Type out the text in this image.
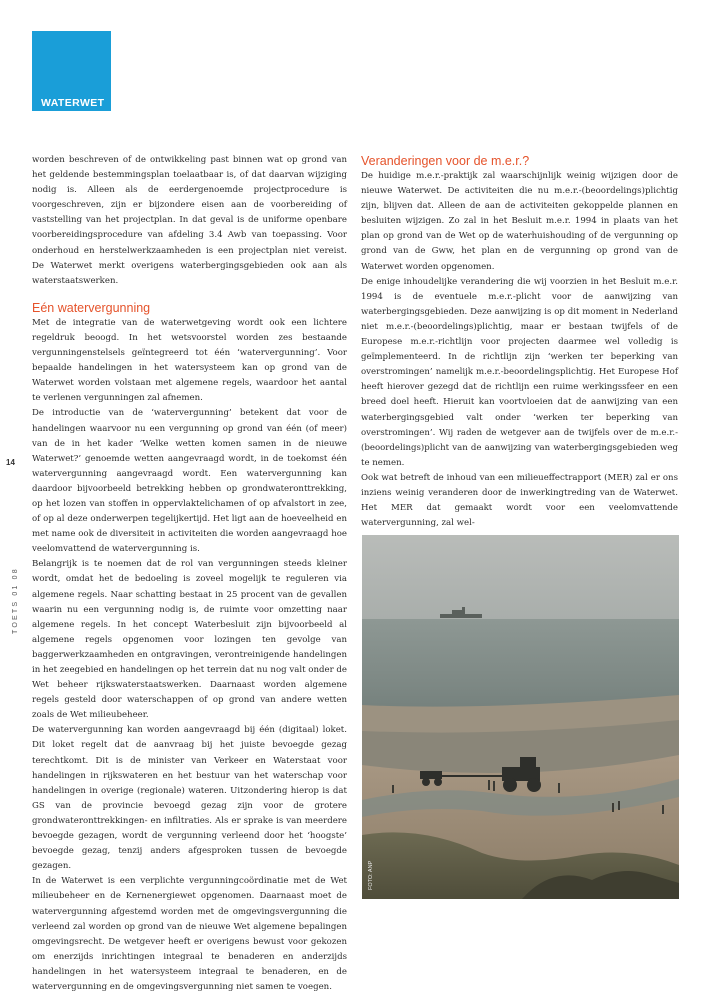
WATERWET
14
TOETS 01 08

worden beschreven of de ontwikkeling past binnen wat op grond van het geldende bestemmingsplan toelaatbaar is, of dat daarvan wijziging nodig is. Alleen als de eerdergenoemde projectprocedure is voorgeschreven, zijn er bijzondere eisen aan de voorbereiding of vaststelling van het projectplan. In dat geval is de uniforme openbare voorbereidingsprocedure van afdeling 3.4 Awb van toepassing. Voor onderhoud en herstelwerkzaamheden is een projectplan niet vereist. De Waterwet merkt overigens waterbergingsgebieden ook aan als waterstaatswerken.

Eén watervergunning

Met de integratie van de waterwetgeving wordt ook een lichtere regeldruk beoogd. In het wetsvoorstel worden zes bestaande vergunningenstelsels geïntegreerd tot één ‘watervergunning’. Voor bepaalde handelingen in het watersysteem kan op grond van de Waterwet worden volstaan met algemene regels, waardoor het aantal te verlenen vergunningen zal afnemen.

De introductie van de ‘watervergunning’ betekent dat voor de handelingen waarvoor nu een vergunning op grond van één (of meer) van de in het kader ‘Welke wetten komen samen in de nieuwe Waterwet?’ genoemde wetten aangevraagd wordt, in de toekomst één watervergunning aangevraagd wordt. Een watervergunning kan daardoor bijvoorbeeld betrekking hebben op grondwateronttrekking, op het lozen van stoffen in oppervlaktelichamen of op afvalstort in zee, of op al deze onderwerpen tegelijkertijd. Het ligt aan de hoeveelheid en met name ook de diversiteit in activiteiten die worden aangevraagd hoe veelomvattend de watervergunning is.

Belangrijk is te noemen dat de rol van vergunningen steeds kleiner wordt, omdat het de bedoeling is zoveel mogelijk te reguleren via algemene regels. Naar schatting bestaat in 25 procent van de gevallen waarin nu een vergunning nodig is, de ruimte voor omzetting naar algemene regels. In het concept Waterbesluit zijn bijvoorbeeld al algemene regels opgenomen voor lozingen ten gevolge van baggerwerkzaamheden en ontgravingen, verontreinigende handelingen in het zeegebied en handelingen op het terrein dat nu nog valt onder de Wet beheer rijkswaterstaatswerken. Daarnaast worden algemene regels gesteld door waterschappen of op grond van andere wetten zoals de Wet milieubeheer.

De watervergunning kan worden aangevraagd bij één (digitaal) loket. Dit loket regelt dat de aanvraag bij het juiste bevoegde gezag terechtkomt. Dit is de minister van Verkeer en Waterstaat voor handelingen in rijkswateren en het bestuur van het waterschap voor handelingen in overige (regionale) wateren. Uitzondering hierop is dat GS van de provincie bevoegd gezag zijn voor de grotere grondwateronttrekkingen- en infiltraties. Als er sprake is van meerdere bevoegde gezagen, wordt de vergunning verleend door het ‘hoogste’ bevoegde gezag, tenzij anders afgesproken tussen de bevoegde gezagen.

In de Waterwet is een verplichte vergunningcoördinatie met de Wet milieubeheer en de Kernenergiewet opgenomen. Daarnaast moet de watervergunning afgestemd worden met de omgevingsvergunning die verleend zal worden op grond van de nieuwe Wet algemene bepalingen omgevingsrecht. De wetgever heeft er overigens bewust voor gekozen om enerzijds inrichtingen integraal te benaderen en anderzijds handelingen in het watersysteem integraal te benaderen, en de watervergunning en de omgevingsvergunning niet samen te voegen.

Veranderingen voor de m.e.r.?

De huidige m.e.r.-praktijk zal waarschijnlijk weinig wijzigen door de nieuwe Waterwet. De activiteiten die nu m.e.r.-(beoordelings)plichtig zijn, blijven dat. Alleen de aan de activiteiten gekoppelde plannen en besluiten wijzigen. Zo zal in het Besluit m.e.r. 1994 in plaats van het plan op grond van de Wet op de waterhuishouding of de vergunning op grond van de Gww, het plan en de vergunning op grond van de Waterwet worden opgenomen.

De enige inhoudelijke verandering die wij voorzien in het Besluit m.e.r. 1994 is de eventuele m.e.r.-plicht voor de aanwijzing van waterbergingsgebieden. Deze aanwijzing is op dit moment in Nederland niet m.e.r.-(beoordelings)plichtig, maar er bestaan twijfels of de Europese m.e.r.-richtlijn voor projecten daarmee wel volledig is geïmplementeerd. In de richtlijn zijn ‘werken ter beperking van overstromingen’ namelijk m.e.r.-beoordelingsplichtig. Het Europese Hof heeft hierover gezegd dat de richtlijn een ruime werkingssfeer en een breed doel heeft. Hieruit kan voortvloeien dat de aanwijzing van een waterbergingsgebied valt onder ‘werken ter beperking van overstromingen’. Wij raden de wetgever aan de twijfels over de m.e.r.-(beoordelings)plicht van de aanwijzing van waterbergingsgebieden weg te nemen.

Ook wat betreft de inhoud van een milieueffectrapport (MER) zal er ons inziens weinig veranderen door de inwerkingtreding van de Waterwet. Het MER dat gemaakt wordt voor een veelomvattende watervergunning, zal wel-

FOTO: ANP
